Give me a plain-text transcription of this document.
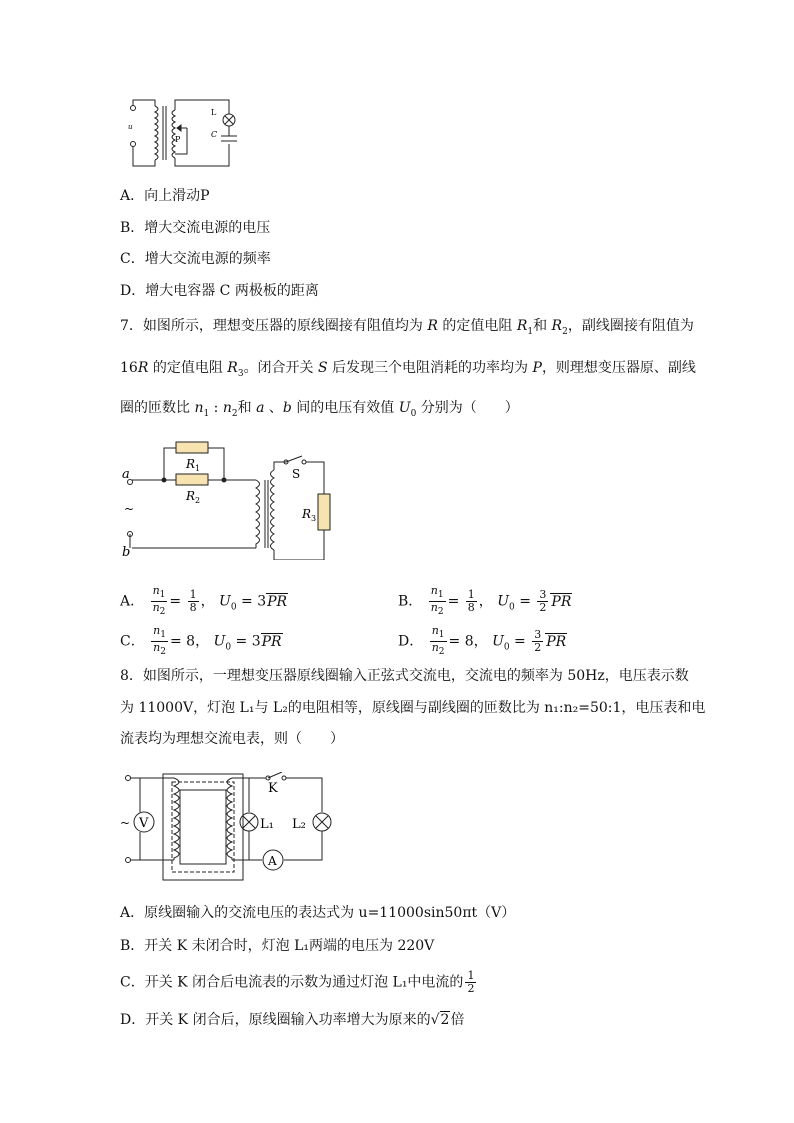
u
P
L
C
A．向上滑动P
B．增大交流电源的电压
C．增大交流电源的频率
D．增大电容器 C 两极板的距离
7．如图所示，理想变压器的原线圈接有阻值均为 R 的定值电阻 $R_1$和 $R_2$，副线圈接有阻值为
16R 的定值电阻 $R_3$。闭合开关 S 后发现三个电阻消耗的功率均为 P，则理想变压器原、副线
圈的匝数比 $n_1$ : $n_2$和 a 、b 间的电压有效值 $U_0$ 分别为（　　）
a
b
~
R 1
R 2
R 3
S
A． $\frac{n_1}{n_2} = \frac{1}{8}$ ， $U_0 = 3PR$	B． $\frac{n_1}{n_2} = \frac{1}{8}$ ， $U_0 = \frac{3}{2}$ PR
C． $\frac{n_1}{n_2} = 8$， $U_0 = 3PR$	D． $\frac{n_1}{n_2} = 8$， $U_0 = \frac{3}{2}$ PR
8．如图所示，一理想变压器原线圈输入正弦式交流电，交流电的频率为 50Hz，电压表示数
为 11000V，灯泡 L₁与 L₂的电阻相等，原线圈与副线圈的匝数比为 n₁:n₂=50:1，电压表和电
流表均为理想交流电表，则（　　）
~ V
K
L₁ L₂
A
A．原线圈输入的交流电压的表达式为 u=11000sin50πt（V）
B．开关 K 未闭合时，灯泡 L₁两端的电压为 220V
C．开关 K 闭合后电流表的示数为通过灯泡 L₁中电流的 $\frac{1}{2}$
D．开关 K 闭合后，原线圈输入功率增大为原来的√2倍
